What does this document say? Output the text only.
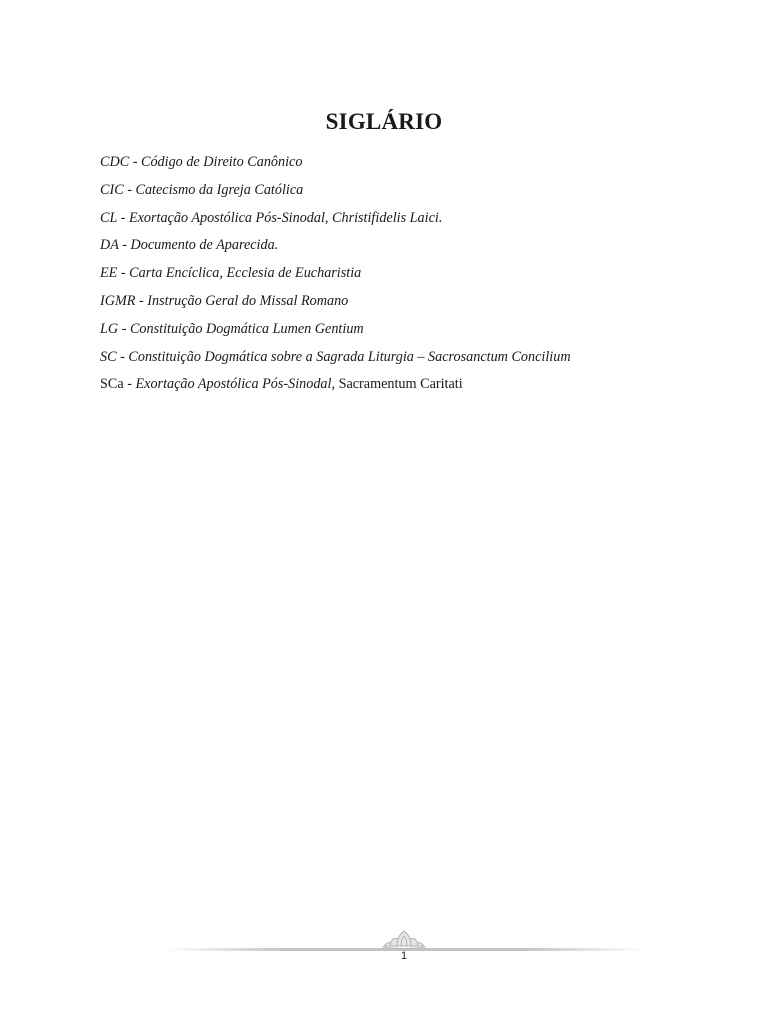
SIGLÁRIO
CDC - Código de Direito Canônico
CIC - Catecismo da Igreja Católica
CL - Exortação Apostólica Pós-Sinodal, Christifidelis Laici.
DA - Documento de Aparecida.
EE - Carta Encíclica, Ecclesia de Eucharistia
IGMR - Instrução Geral do Missal Romano
LG - Constituição Dogmática Lumen Gentium
SC - Constituição Dogmática sobre a Sagrada Liturgia – Sacrosanctum Concilium
SCa - Exortação Apostólica Pós-Sinodal, Sacramentum Caritati
1
